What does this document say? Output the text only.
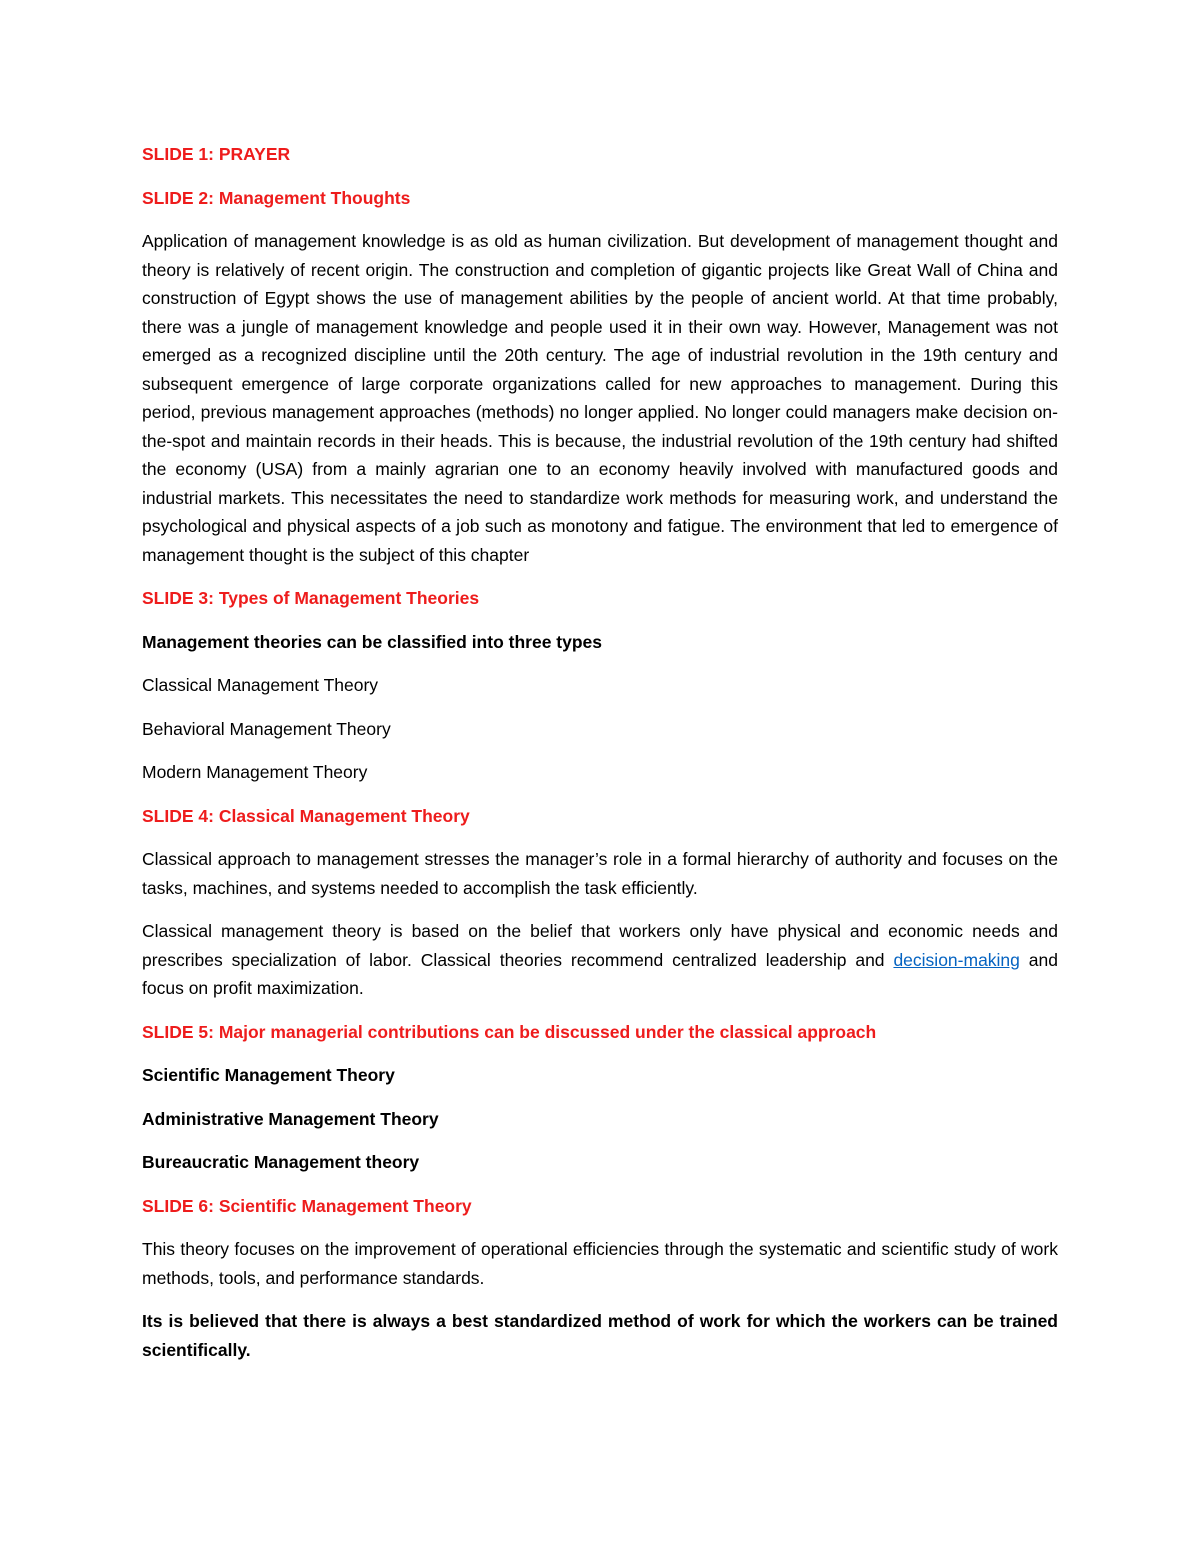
SLIDE 1: PRAYER
SLIDE 2: Management Thoughts
Application of management knowledge is as old as human civilization. But development of management thought and theory is relatively of recent origin. The construction and completion of gigantic projects like Great Wall of China and construction of Egypt shows the use of management abilities by the people of ancient world. At that time probably, there was a jungle of management knowledge and people used it in their own way. However, Management was not emerged as a recognized discipline until the 20th century. The age of industrial revolution in the 19th century and subsequent emergence of large corporate organizations called for new approaches to management. During this period, previous management approaches (methods) no longer applied. No longer could managers make decision on-the-spot and maintain records in their heads. This is because, the industrial revolution of the 19th century had shifted the economy (USA) from a mainly agrarian one to an economy heavily involved with manufactured goods and industrial markets. This necessitates the need to standardize work methods for measuring work, and understand the psychological and physical aspects of a job such as monotony and fatigue. The environment that led to emergence of management thought is the subject of this chapter
SLIDE 3: Types of Management Theories
Management theories can be classified into three types
Classical Management Theory
Behavioral Management Theory
Modern Management Theory
SLIDE 4: Classical Management Theory
Classical approach to management stresses the manager’s role in a formal hierarchy of authority and focuses on the tasks, machines, and systems needed to accomplish the task efficiently.
Classical management theory is based on the belief that workers only have physical and economic needs and prescribes specialization of labor. Classical theories recommend centralized leadership and decision-making and focus on profit maximization.
SLIDE 5: Major managerial contributions can be discussed under the classical approach
Scientific Management Theory
Administrative Management Theory
Bureaucratic Management theory
SLIDE 6: Scientific Management Theory
This theory focuses on the improvement of operational efficiencies through the systematic and scientific study of work methods, tools, and performance standards.
Its is believed that there is always a best standardized method of work for which the workers can be trained scientifically.
